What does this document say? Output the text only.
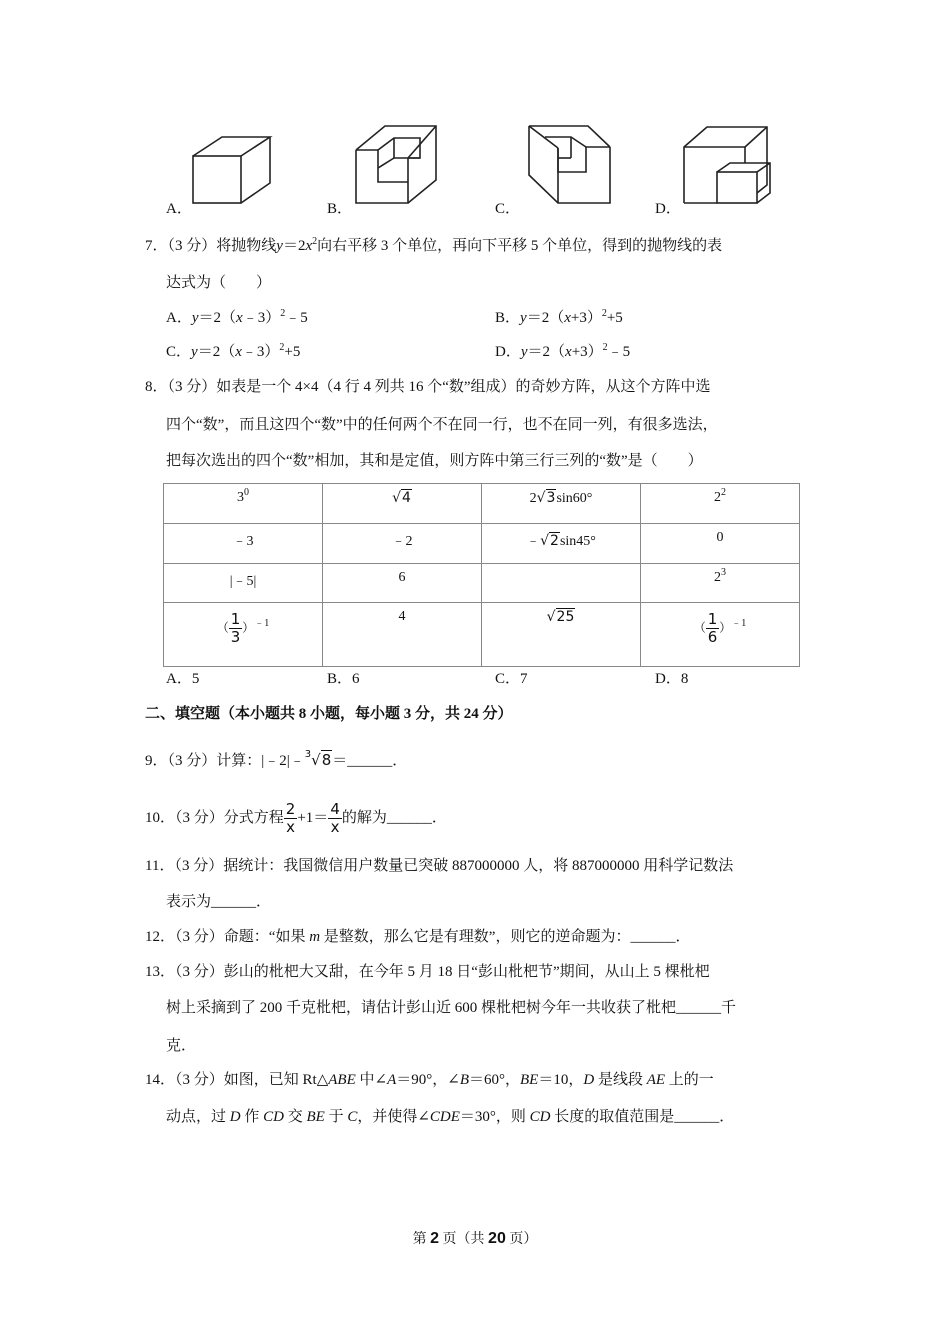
A．	B．	C．	D．
7．（3 分）将抛物线$y=2x^2$向右平移 3 个单位，再向下平移 5 个单位，得到的抛物线的表
达式为（　　）
A．y＝2（x﹣3）$^2$﹣5	B．$y=2(x+3)^2+5$
C．y＝2（x﹣3）$^2$+5	D．$y=2(x+3)^2﹣5$
8．（3 分）如表是一个 4×4（4 行 4 列共 16 个“数”组成）的奇妙方阵，从这个方阵中选
四个“数”，而且这四个“数”中的任何两个不在同一行，也不在同一列，有很多选法，
把每次选出的四个“数”相加，其和是定值，则方阵中第三行三列的“数”是（　　）
$3^0$	√4	2√3sin60°	$2^2$
﹣3	﹣2	﹣√2sin45°	0
|﹣5|	6		$2^3$
（ $\frac{1}{3} )^{﹣1}$	4	√25	（ $\frac{1}{6} )^{﹣1}$
A．5	B．6	C．7	D．8
二、填空题（本小题共 8 小题，每小题 3 分，共 24 分）
9．（3 分）计算：|﹣2|﹣$^3$√8＝______．
10．（3 分）分式方程 $\frac{2}{x} +1= \frac{4}{x}$ 的解为______．
11．（3 分）据统计：我国微信用户数量已突破 887000000 人，将 887000000 用科学记数法
表示为______．
12．（3 分）命题：“如果 m 是整数，那么它是有理数”，则它的逆命题为：______．
13．（3 分）彭山的枇杷大又甜，在今年 5 月 18 日“彭山枇杷节”期间，从山上 5 棵枇杷
树上采摘到了 200 千克枇杷，请估计彭山近 600 棵枇杷树今年一共收获了枇杷______千
克．
14．（3 分）如图，已知 Rt△ABE 中∠A＝90°，∠B＝60°，BE＝10，D 是线段 AE 上的一
动点，过 D 作 CD 交 BE 于 C，并使得∠CDE＝30°，则 CD 长度的取值范围是______．
第 2 页（共 20 页）
